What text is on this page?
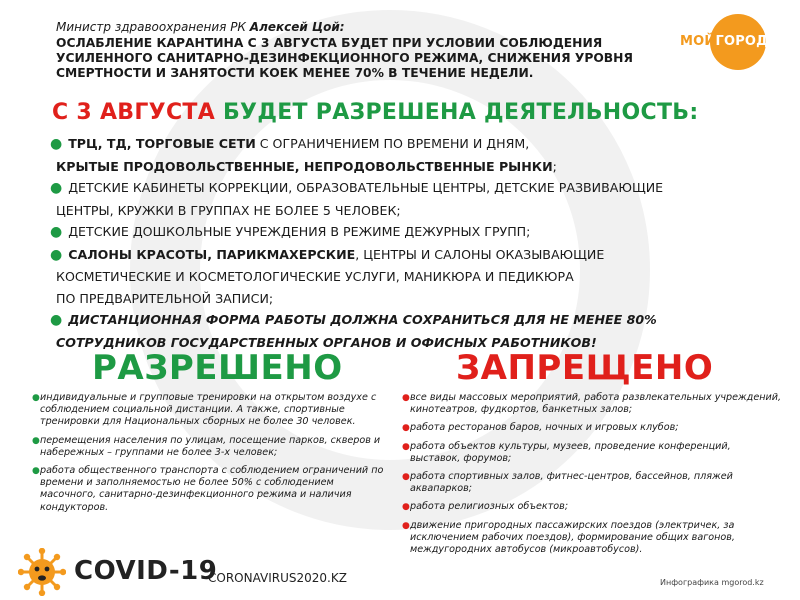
Министр здравоохранения РК Алексей Цой:
ОСЛАБЛЕНИЕ КАРАНТИНА С 3 АВГУСТА БУДЕТ ПРИ УСЛОВИИ СОБЛЮДЕНИЯ
УСИЛЕННОГО САНИТАРНО-ДЕЗИНФЕКЦИОННОГО РЕЖИМА, СНИЖЕНИЯ УРОВНЯ
СМЕРТНОСТИ И ЗАНЯТОСТИ КОЕК МЕНЕЕ 70% В ТЕЧЕНИЕ НЕДЕЛИ.
МОЙГОРОД
С 3 АВГУСТА БУДЕТ РАЗРЕШЕНА ДЕЯТЕЛЬНОСТЬ:
● ТРЦ, ТД, ТОРГОВЫЕ СЕТИ С ОГРАНИЧЕНИЕМ ПО ВРЕМЕНИ И ДНЯМ,
КРЫТЫЕ ПРОДОВОЛЬСТВЕННЫЕ, НЕПРОДОВОЛЬСТВЕННЫЕ РЫНКИ;
● ДЕТСКИЕ КАБИНЕТЫ КОРРЕКЦИИ, ОБРАЗОВАТЕЛЬНЫЕ ЦЕНТРЫ, ДЕТСКИЕ РАЗВИВАЮЩИЕ
ЦЕНТРЫ, КРУЖКИ В ГРУППАХ НЕ БОЛЕЕ 5 ЧЕЛОВЕК;
● ДЕТСКИЕ ДОШКОЛЬНЫЕ УЧРЕЖДЕНИЯ В РЕЖИМЕ ДЕЖУРНЫХ ГРУПП;
● САЛОНЫ КРАСОТЫ, ПАРИКМАХЕРСКИЕ, ЦЕНТРЫ И САЛОНЫ ОКАЗЫВАЮЩИЕ
КОСМЕТИЧЕСКИЕ И КОСМЕТОЛОГИЧЕСКИЕ УСЛУГИ, МАНИКЮРА И ПЕДИКЮРА
ПО ПРЕДВАРИТЕЛЬНОЙ ЗАПИСИ;
● ДИСТАНЦИОННАЯ ФОРМА РАБОТЫ ДОЛЖНА СОХРАНИТЬСЯ ДЛЯ НЕ МЕНЕЕ 80%
СОТРУДНИКОВ ГОСУДАРСТВЕННЫХ ОРГАНОВ И ОФИСНЫХ РАБОТНИКОВ!
РАЗРЕШЕНО	ЗАПРЕЩЕНО
● индивидуальные и групповые тренировки на открытом воздухе с соблюдением социальной дистанции. А также, спортивные тренировки для Национальных сборных не более 30 человек.
● перемещения населения по улицам, посещение парков, скверов и набережных – группами не более 3-х человек;
● работа общественного транспорта с соблюдением ограничений по времени и заполняемостью не более 50% с соблюдением масочного, санитарно-дезинфекционного режима и наличия кондукторов.
● все виды массовых мероприятий, работа развлекательных учреждений, кинотеатров, фудкортов, банкетных залов;
● работа ресторанов баров, ночных и игровых клубов;
● работа объектов культуры, музеев, проведение конференций, выставок, форумов;
● работа спортивных залов, фитнес-центров, бассейнов, пляжей аквапарков;
● работа религиозных объектов;
● движение пригородных пассажирских поездов (электричек, за исключением рабочих поездов), формирование общих вагонов, междугородних автобусов (микроавтобусов).
COVID-19
CORONAVIRUS2020.KZ	Инфографика mgorod.kz
